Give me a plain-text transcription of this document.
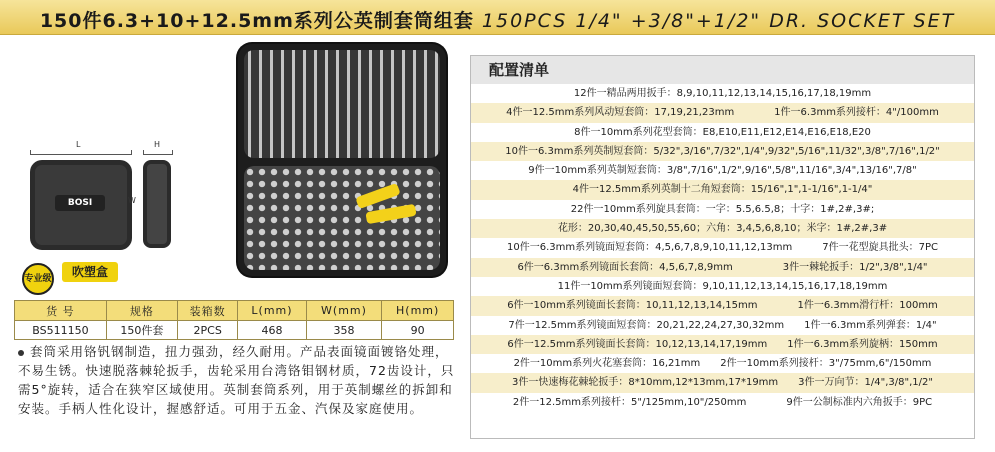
150件6.3+10+12.5mm系列公英制套筒组套 150PCS 1/4" +3/8"+1/2" DR. SOCKET SET
L
BOSI
H
W
专业级	吹塑盒
货 号	规格	装箱数	L(mm)	W(mm)	H(mm)
BS511150	150件套	2PCS	468	358	90
套筒采用铬钒钢制造，扭力强劲，经久耐用。产品表面镜面镀铬处理，不易生锈。快速脱落棘轮扳手，齿轮采用台湾铬钼钢材质，72齿设计，只需5°旋转，适合在狭窄区域使用。英制套筒系列，用于英制螺丝的拆卸和安装。手柄人性化设计，握感舒适。可用于五金、汽保及家庭使用。
配置清单
12件一精品两用扳手：8,9,10,11,12,13,14,15,16,17,18,19mm
4件一12.5mm系列风动短套筒：17,19,21,23mm　　　　1件一6.3mm系列接杆：4"/100mm
8件一10mm系列花型套筒：E8,E10,E11,E12,E14,E16,E18,E20
10件一6.3mm系列英制短套筒：5/32",3/16",7/32",1/4",9/32",5/16",11/32",3/8",7/16",1/2"
9件一10mm系列英制短套筒：3/8",7/16",1/2",9/16",5/8",11/16",3/4",13/16",7/8"
4件一12.5mm系列英制十二角短套筒：15/16",1",1-1/16",1-1/4"
22件一10mm系列旋具套筒：一字：5.5,6.5,8；十字：1#,2#,3#;
花形：20,30,40,45,50,55,60；六角：3,4,5,6,8,10；米字：1#,2#,3#
10件一6.3mm系列镜面短套筒：4,5,6,7,8,9,10,11,12,13mm　　　7件一花型旋具批头：7PC
6件一6.3mm系列镜面长套筒：4,5,6,7,8,9mm　　　　　3件一棘轮扳手：1/2",3/8",1/4"
11件一10mm系列镜面短套筒：9,10,11,12,13,14,15,16,17,18,19mm
6件一10mm系列镜面长套筒：10,11,12,13,14,15mm　　　　1件一6.3mm滑行杆：100mm
7件一12.5mm系列镜面短套筒：20,21,22,24,27,30,32mm　　1件一6.3mm系列弹套：1/4"
6件一12.5mm系列镜面长套筒：10,12,13,14,17,19mm　　1件一6.3mm系列旋柄：150mm
2件一10mm系列火花塞套筒：16,21mm　　2件一10mm系列接杆：3"/75mm,6"/150mm
3件一快速梅花棘轮扳手：8*10mm,12*13mm,17*19mm　　3件一万向节：1/4",3/8",1/2"
2件一12.5mm系列接杆：5"/125mm,10"/250mm　　　　9件一公制标准内六角扳手：9PC
